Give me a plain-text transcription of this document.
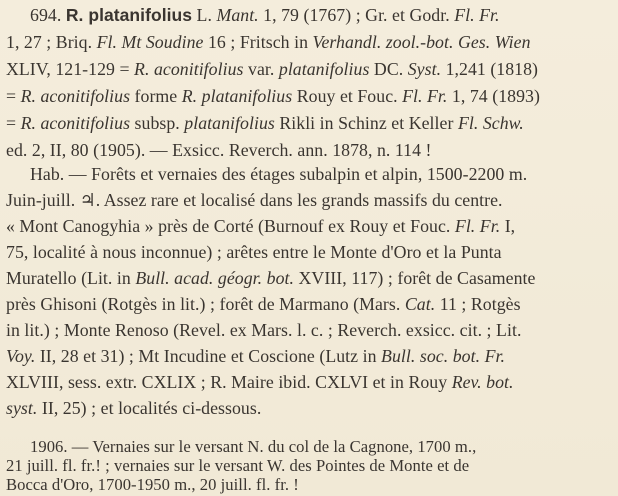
694. R. platanifolius L. Mant. 1, 79 (1767) ; Gr. et Godr. Fl. Fr.
1, 27 ; Briq. Fl. Mt Soudine 16 ; Fritsch in Verhandl. zool.-bot. Ges. Wien
XLIV, 121-129 = R. aconitifolius var. platanifolius DC. Syst. 1,241 (1818)
= R. aconitifolius forme R. platanifolius Rouy et Fouc. Fl. Fr. 1, 74 (1893)
= R. aconitifolius subsp. platanifolius Rikli in Schinz et Keller Fl. Schw.
ed. 2, II, 80 (1905). — Exsicc. Reverch. ann. 1878, n. 114 !
Hab. — Forêts et vernaies des étages subalpin et alpin, 1500-2200 m.
Juin-juill. ♃. Assez rare et localisé dans les grands massifs du centre.
« Mont Canogyhia » près de Corté (Burnouf ex Rouy et Fouc. Fl. Fr. I,
75, localité à nous inconnue) ; arêtes entre le Monte d'Oro et la Punta
Muratello (Lit. in Bull. acad. géogr. bot. XVIII, 117) ; forêt de Casamente
près Ghisoni (Rotgès in lit.) ; forêt de Marmano (Mars. Cat. 11 ; Rotgès
in lit.) ; Monte Renoso (Revel. ex Mars. l. c. ; Reverch. exsicc. cit. ; Lit.
Voy. II, 28 et 31) ; Mt Incudine et Coscione (Lutz in Bull. soc. bot. Fr.
XLVIII, sess. extr. CXLIX ; R. Maire ibid. CXLVI et in Rouy Rev. bot.
syst. II, 25) ; et localités ci-dessous.
1906. — Vernaies sur le versant N. du col de la Cagnone, 1700 m.,
21 juill. fl. fr.! ; vernaies sur le versant W. des Pointes de Monte et de
Bocca d'Oro, 1700-1950 m., 20 juill. fl. fr. !
